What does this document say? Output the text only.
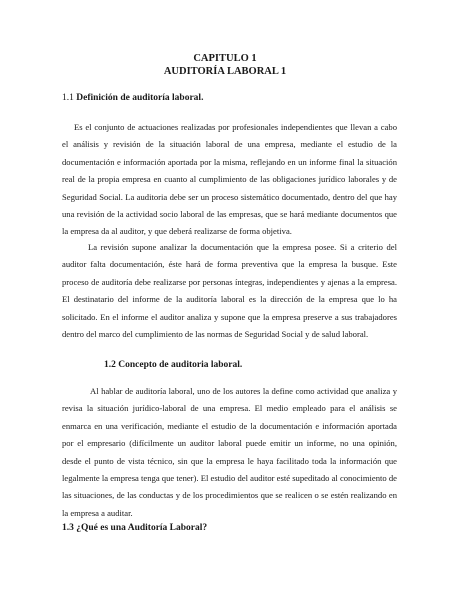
CAPITULO 1
AUDITORÍA LABORAL 1
1.1 Definición de auditoría laboral.

Es el conjunto de actuaciones realizadas por profesionales independientes que llevan a cabo el análisis y revisión de la situación laboral de una empresa, mediante el estudio de la documentación e información aportada por la misma, reflejando en un informe final la situación real de la propia empresa en cuanto al cumplimiento de las obligaciones jurídico laborales y de Seguridad Social. La auditoria debe ser un proceso sistemático documentado, dentro del que hay una revisión de la actividad socio laboral de las empresas, que se hará mediante documentos que la empresa da al auditor, y que deberá realizarse de forma objetiva.

La revisión supone analizar la documentación que la empresa posee. Si a criterio del auditor falta documentación, éste hará de forma preventiva que la empresa la busque. Este proceso de auditoría debe realizarse por personas íntegras, independientes y ajenas a la empresa. El destinatario del informe de la auditoría laboral es la dirección de la empresa que lo ha solicitado. En el informe el auditor analiza y supone que la empresa preserve a sus trabajadores dentro del marco del cumplimiento de las normas de Seguridad Social y de salud laboral.

1.2 Concepto de auditoria laboral.

Al hablar de auditoría laboral, uno de los autores la define como actividad que analiza y revisa la situación jurídico-laboral de una empresa. El medio empleado para el análisis se enmarca en una verificación, mediante el estudio de la documentación e información aportada por el empresario (difícilmente un auditor laboral puede emitir un informe, no una opinión, desde el punto de vista técnico, sin que la empresa le haya facilitado toda la información que legalmente la empresa tenga que tener). El estudio del auditor esté supeditado al conocimiento de las situaciones, de las conductas y de los procedimientos que se realicen o se estén realizando en la empresa a auditar.

1.3 ¿Qué es una Auditoría Laboral?
